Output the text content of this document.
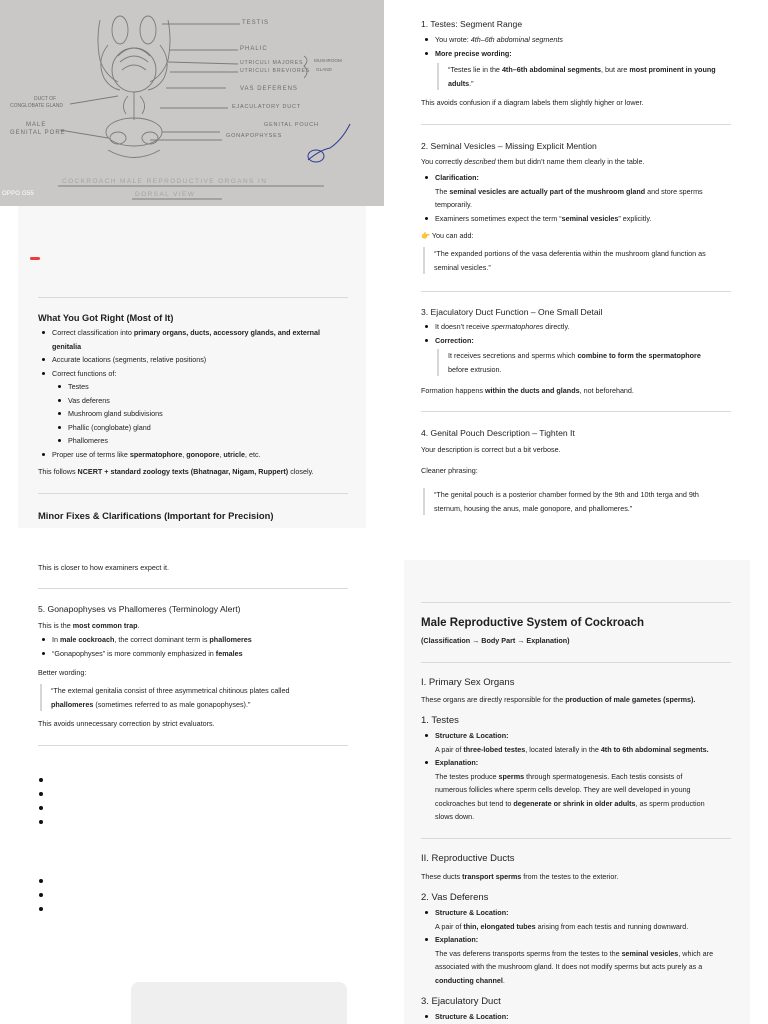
TESTIS
PHALIC
UTRICULI MAJORES
UTRICULI BREVIORES
MUSHROOM
GLAND
VAS DEFERENS
EJACULATORY DUCT
GENITAL POUCH
GONAPOPHYSES
DUCT OF
CONGLOBATE GLAND
MALE
GENITAL PORE
COCKROACH MALE REPRODUCTIVE ORGANS IN
DORSAL VIEW
OPPO G55
What You Got Right (Most of It)
Correct classification into primary organs, ducts, accessory glands, and external
genitalia
Accurate locations (segments, relative positions)
Correct functions of:
Testes
Vas deferens
Mushroom gland subdivisions
Phallic (conglobate) gland
Phallomeres
Proper use of terms like spermatophore, gonopore, utricle, etc.
This follows NCERT + standard zoology texts (Bhatnagar, Nigam, Ruppert) closely.
Minor Fixes & Clarifications (Important for Precision)
This is closer to how examiners expect it.
5. Gonapophyses vs Phallomeres (Terminology Alert)
This is the most common trap.
In male cockroach, the correct dominant term is phallomeres
“Gonapophyses” is more commonly emphasized in females
Better wording:
“The external genitalia consist of three asymmetrical chitinous plates called
phallomeres (sometimes referred to as male gonapophyses).”
This avoids unnecessary correction by strict evaluators.
1. Testes: Segment Range
You wrote: 4th–6th abdominal segments
More precise wording:
“Testes lie in the 4th–6th abdominal segments, but are most prominent in young
adults.”
This avoids confusion if a diagram labels them slightly higher or lower.
2. Seminal Vesicles – Missing Explicit Mention
You correctly described them but didn’t name them clearly in the table.
Clarification:
The seminal vesicles are actually part of the mushroom gland and store sperms
temporarily.
Examiners sometimes expect the term “seminal vesicles” explicitly.
👉 You can add:
“The expanded portions of the vasa deferentia within the mushroom gland function as
seminal vesicles.”
3. Ejaculatory Duct Function – One Small Detail
It doesn’t receive spermatophores directly.
Correction:
It receives secretions and sperms which combine to form the spermatophore
before extrusion.
Formation happens within the ducts and glands, not beforehand.
4. Genital Pouch Description – Tighten It
Your description is correct but a bit verbose.
Cleaner phrasing:
“The genital pouch is a posterior chamber formed by the 9th and 10th terga and 9th
sternum, housing the anus, male gonopore, and phallomeres.”
Male Reproductive System of Cockroach
(Classification → Body Part → Explanation)
I. Primary Sex Organs
These organs are directly responsible for the production of male gametes (sperms).
1. Testes
Structure & Location:
A pair of three-lobed testes, located laterally in the 4th to 6th abdominal segments.
Explanation:
The testes produce sperms through spermatogenesis. Each testis consists of
numerous follicles where sperm cells develop. They are well developed in young
cockroaches but tend to degenerate or shrink in older adults, as sperm production
slows down.
II. Reproductive Ducts
These ducts transport sperms from the testes to the exterior.
2. Vas Deferens
Structure & Location:
A pair of thin, elongated tubes arising from each testis and running downward.
Explanation:
The vas deferens transports sperms from the testes to the seminal vesicles, which are
associated with the mushroom gland. It does not modify sperms but acts purely as a
conducting channel.
3. Ejaculatory Duct
Structure & Location:
